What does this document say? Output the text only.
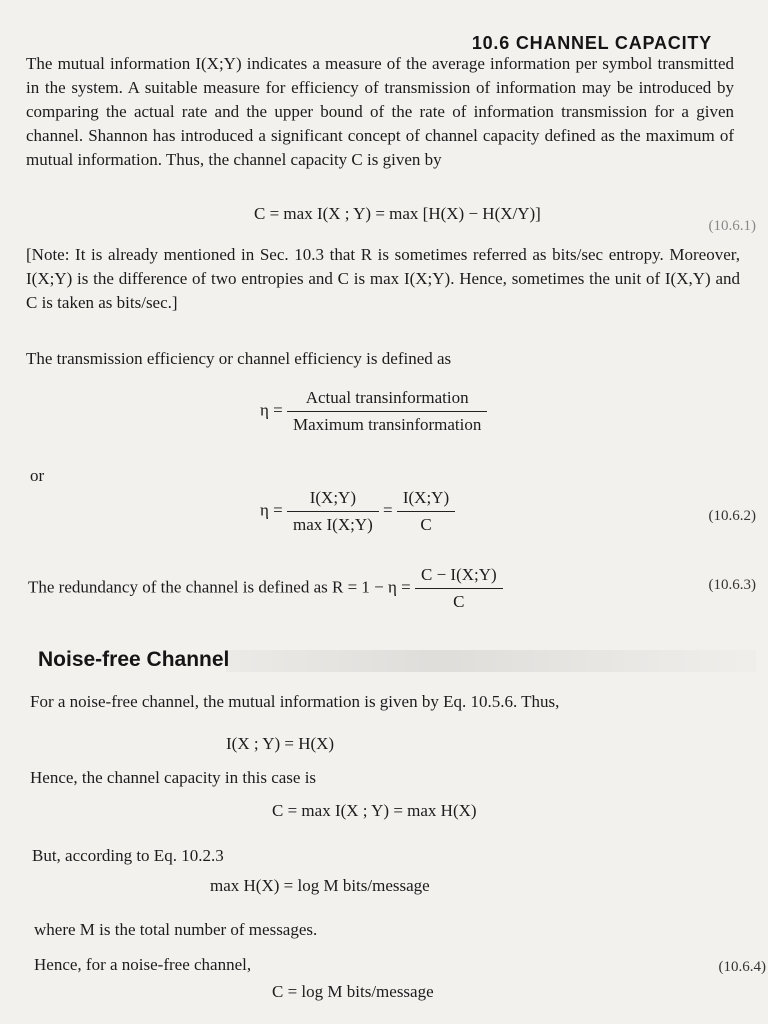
10.6 CHANNEL CAPACITY

The mutual information I(X;Y) indicates a measure of the average information per symbol transmitted in the system. A suitable measure for efficiency of transmission of information may be introduced by comparing the actual rate and the upper bound of the rate of information transmission for a given channel. Shannon has introduced a significant concept of channel capacity defined as the maximum of mutual information. Thus, the channel capacity C is given by

C = max I(X ; Y) = max [H(X) − H(X/Y)]
(10.6.1)

[Note: It is already mentioned in Sec. 10.3 that R is sometimes referred as bits/sec entropy. Moreover, I(X;Y) is the difference of two entropies and C is max I(X;Y). Hence, sometimes the unit of I(X,Y) and C is taken as bits/sec.]

The transmission efficiency or channel efficiency is defined as

$\eta = \frac{\text{Actual transinformation}}{\text{Maximum transinformation}}$
or
$\eta = \frac{I(X;Y)}{\text{max I(X;Y)}} = \frac{I(X;Y)}{C}$	(10.6.2)
The redundancy of the channel is defined as $R = 1 - \eta = \frac{C - I(X;Y)}{C}$	(10.6.3)
Noise-free Channel

For a noise-free channel, the mutual information is given by Eq. 10.5.6. Thus,

I(X ; Y) = H(X)

Hence, the channel capacity in this case is

C = max I(X ; Y) = max H(X)

But, according to Eq. 10.2.3

max H(X) = log M bits/message

where M is the total number of messages.

Hence, for a noise-free channel,	(10.6.4)
C = log M bits/message
